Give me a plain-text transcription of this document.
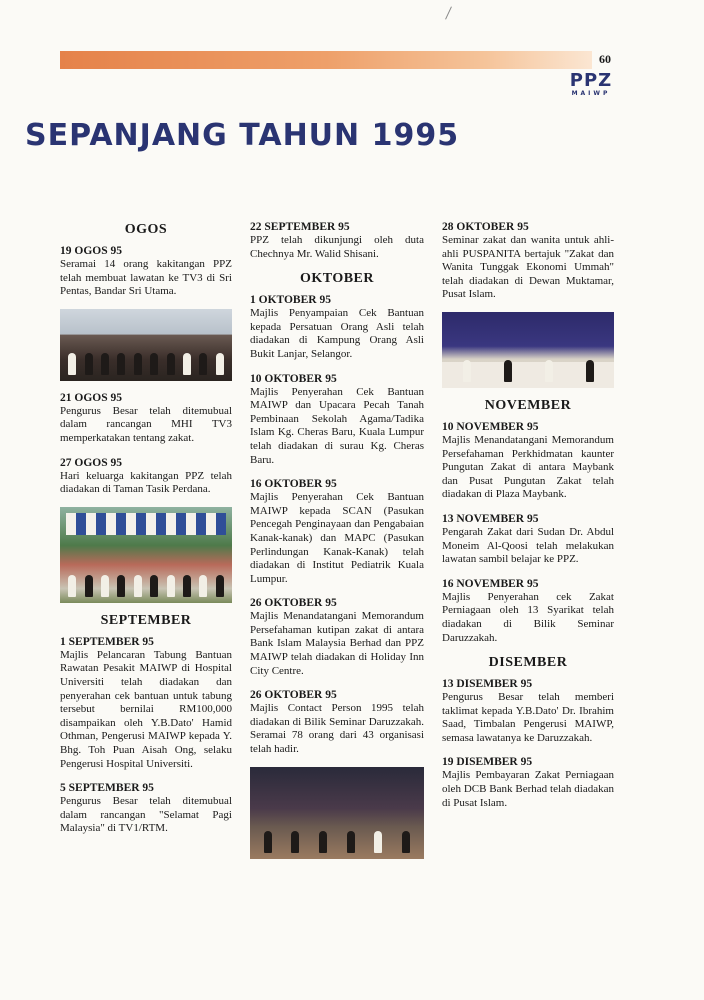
60
PPZ
MAIWP
SEPANJANG TAHUN 1995
OGOS
19 OGOS 95
Seramai 14 orang kakitangan PPZ telah membuat lawatan ke TV3 di Sri Pentas, Bandar Sri Utama.
21 OGOS 95
Pengurus Besar telah ditemubual dalam rancangan MHI TV3 memperkatakan tentang zakat.
27 OGOS 95
Hari keluarga kakitangan PPZ telah diadakan di Taman Tasik Perdana.
SEPTEMBER
1 SEPTEMBER 95
Majlis Pelancaran Tabung Bantuan Rawatan Pesakit MAIWP di Hospital Universiti telah diadakan dan penyerahan cek bantuan untuk tabung tersebut bernilai RM100,000 disampaikan oleh Y.B.Dato' Hamid Othman, Pengerusi MAIWP kepada Y. Bhg. Toh Puan Aisah Ong, selaku Pengerusi Hospital Universiti.
5 SEPTEMBER 95
Pengurus Besar telah ditemubual dalam rancangan "Selamat Pagi Malaysia" di TV1/RTM.
22 SEPTEMBER 95
PPZ telah dikunjungi oleh duta Chechnya Mr. Walid Shisani.
OKTOBER
1 OKTOBER 95
Majlis Penyampaian Cek Bantuan kepada Persatuan Orang Asli telah diadakan di Kampung Orang Asli Bukit Lanjar, Selangor.
10 OKTOBER 95
Majlis Penyerahan Cek Bantuan MAIWP dan Upacara Pecah Tanah Pembinaan Sekolah Agama/Tadika Islam Kg. Cheras Baru, Kuala Lumpur telah diadakan di surau Kg. Cheras Baru.
16 OKTOBER 95
Majlis Penyerahan Cek Bantuan MAIWP kepada SCAN (Pasukan Pencegah Penginayaan dan Pengabaian Kanak-kanak) dan MAPC (Pasukan Perlindungan Kanak-Kanak) telah diadakan di Institut Pediatrik Kuala Lumpur.
26 OKTOBER 95
Majlis Menandatangani Memorandum Persefahaman kutipan zakat di antara Bank Islam Malaysia Berhad dan PPZ MAIWP telah diadakan di Holiday Inn City Centre.
26 OKTOBER 95
Majlis Contact Person 1995 telah diadakan di Bilik Seminar Daruzzakah. Seramai 78 orang dari 43 organisasi telah hadir.
28 OKTOBER 95
Seminar zakat dan wanita untuk ahli-ahli PUSPANITA bertajuk "Zakat dan Wanita Tunggak Ekonomi Ummah" telah diadakan di Dewan Muktamar, Pusat Islam.
NOVEMBER
10 NOVEMBER 95
Majlis Menandatangani Memorandum Persefahaman Perkhidmatan kaunter Pungutan Zakat di antara Maybank dan Pusat Pungutan Zakat telah diadakan di Plaza Maybank.
13 NOVEMBER 95
Pengarah Zakat dari Sudan Dr. Abdul Moneim Al-Qoosi telah melakukan lawatan sambil belajar ke PPZ.
16 NOVEMBER 95
Majlis Penyerahan cek Zakat Perniagaan oleh 13 Syarikat telah diadakan di Bilik Seminar Daruzzakah.
DISEMBER
13 DISEMBER 95
Pengurus Besar telah memberi taklimat kepada Y.B.Dato' Dr. Ibrahim Saad, Timbalan Pengerusi MAIWP, semasa lawatanya ke Daruzzakah.
19 DISEMBER 95
Majlis Pembayaran Zakat Perniagaan oleh DCB Bank Berhad telah diadakan di Pusat Islam.
